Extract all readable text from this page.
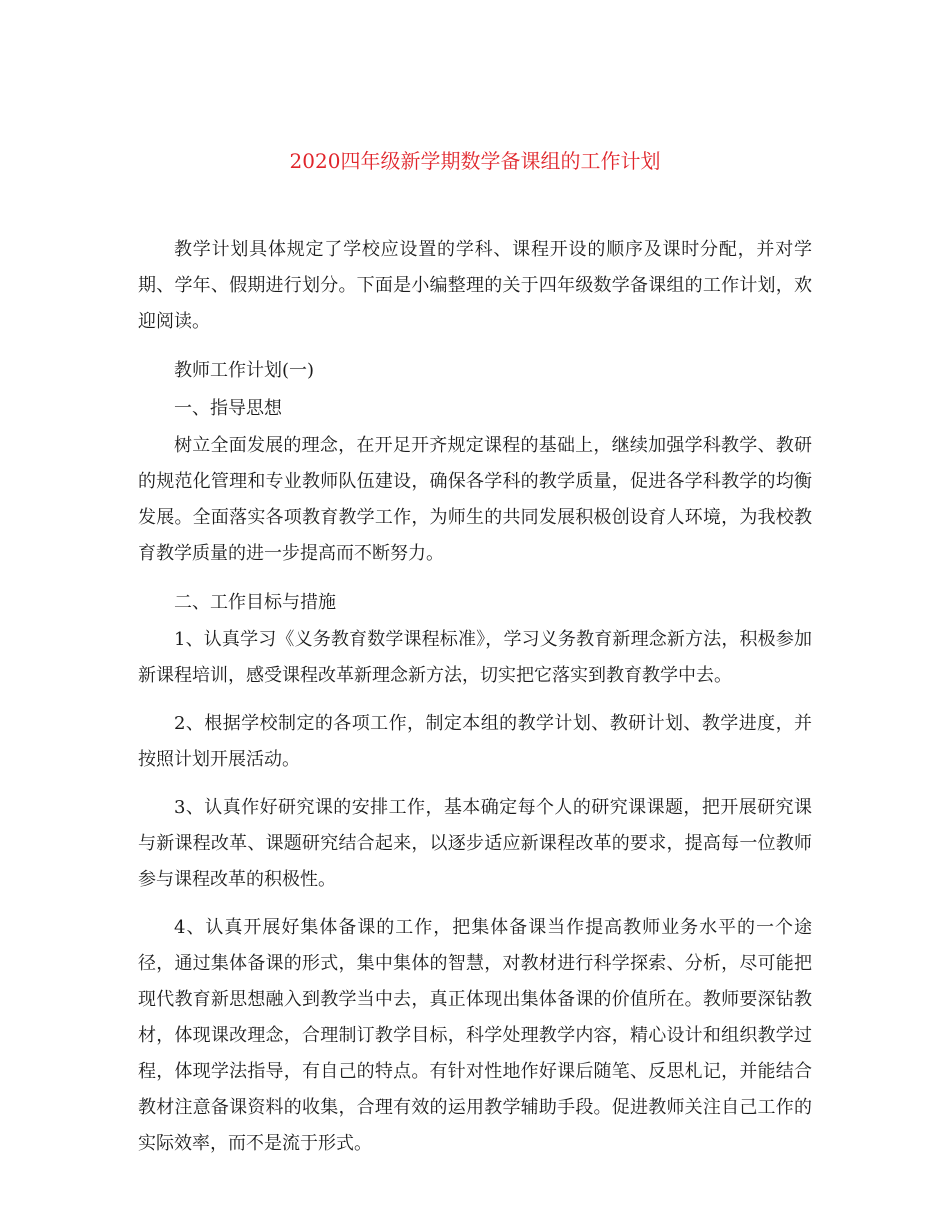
2020四年级新学期数学备课组的工作计划

教学计划具体规定了学校应设置的学科、课程开设的顺序及课时分配，并对学期、学年、假期进行划分。下面是小编整理的关于四年级数学备课组的工作计划，欢迎阅读。

教师工作计划(一)

一、指导思想

树立全面发展的理念，在开足开齐规定课程的基础上，继续加强学科教学、教研的规范化管理和专业教师队伍建设，确保各学科的教学质量，促进各学科教学的均衡发展。全面落实各项教育教学工作，为师生的共同发展积极创设育人环境，为我校教育教学质量的进一步提高而不断努力。

二、工作目标与措施

1、认真学习《义务教育数学课程标准》，学习义务教育新理念新方法，积极参加新课程培训，感受课程改革新理念新方法，切实把它落实到教育教学中去。

2、根据学校制定的各项工作，制定本组的教学计划、教研计划、教学进度，并按照计划开展活动。

3、认真作好研究课的安排工作，基本确定每个人的研究课课题，把开展研究课与新课程改革、课题研究结合起来，以逐步适应新课程改革的要求，提高每一位教师参与课程改革的积极性。

4、认真开展好集体备课的工作，把集体备课当作提高教师业务水平的一个途径，通过集体备课的形式，集中集体的智慧，对教材进行科学探索、分析，尽可能把现代教育新思想融入到教学当中去，真正体现出集体备课的价值所在。教师要深钻教材，体现课改理念，合理制订教学目标，科学处理教学内容，精心设计和组织教学过程，体现学法指导，有自己的特点。有针对性地作好课后随笔、反思札记，并能结合教材注意备课资料的收集，合理有效的运用教学辅助手段。促进教师关注自己工作的实际效率，而不是流于形式。
